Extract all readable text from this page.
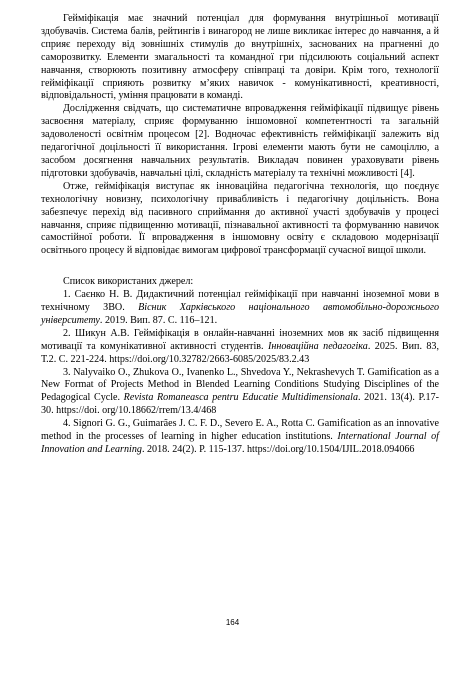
Гейміфікація має значний потенціал для формування внутрішньої мотивації здобувачів. Система балів, рейтингів і винагород не лише викликає інтерес до навчання, а й сприяє переходу від зовнішніх стимулів до внутрішніх, заснованих на прагненні до саморозвитку. Елементи змагальності та командної гри підсилюють соціальний аспект навчання, створюють позитивну атмосферу співпраці та довіри. Крім того, технології гейміфікації сприяють розвитку м’яких навичок - комунікативності, креативності, відповідальності, уміння працювати в команді.

Дослідження свідчать, що систематичне впровадження гейміфікації підвищує рівень засвоєння матеріалу, сприяє формуванню іншомовної компетентності та загальній задоволеності освітнім процесом [2]. Водночас ефективність гейміфікації залежить від педагогічної доцільності її використання. Ігрові елементи мають бути не самоціллю, а засобом досягнення навчальних результатів. Викладач повинен ураховувати рівень підготовки здобувачів, навчальні цілі, складність матеріалу та технічні можливості [4].

Отже, гейміфікація виступає як інноваційна педагогічна технологія, що поєднує технологічну новизну, психологічну привабливість і педагогічну доцільність. Вона забезпечує перехід від пасивного сприймання до активної участі здобувачів у процесі навчання, сприяє підвищенню мотивації, пізнавальної активності та формуванню навичок самостійної роботи. Її впровадження в іншомовну освіту є складовою модернізації освітнього процесу й відповідає вимогам цифрової трансформації сучасної вищої школи.

Список використаних джерел:

1. Саєнко Н. В. Дидактичний потенціал гейміфікації при навчанні іноземної мови в технічному ЗВО. Вісник Харківського національного автомобільно-дорожнього університету. 2019. Вип. 87. С. 116–121.

2. Шикун А.В. Гейміфікація в онлайн-навчанні іноземних мов як засіб підвищення мотивації та комунікативної активності студентів. Інноваційна педагогіка. 2025. Вип. 83, Т.2. С. 221-224. https://doi.org/10.32782/2663-6085/2025/83.2.43

3. Nalyvaiko O., Zhukova O., Ivanenko L., Shvedova Y., Nekrashevych T. Gamification as a New Format of Projects Method in Blended Learning Conditions Studying Disciplines of the Pedagogical Cycle. Revista Romaneasca pentru Educatie Multidimensionala. 2021. 13(4). P.17-30. https://doi. org/10.18662/rrem/13.4/468

4. Signori G. G., Guimarães J. C. F. D., Severo E. A., Rotta C. Gamification as an innovative method in the processes of learning in higher education institutions. International Journal of Innovation and Learning. 2018. 24(2). P. 115-137. https://doi.org/10.1504/IJIL.2018.094066

164
